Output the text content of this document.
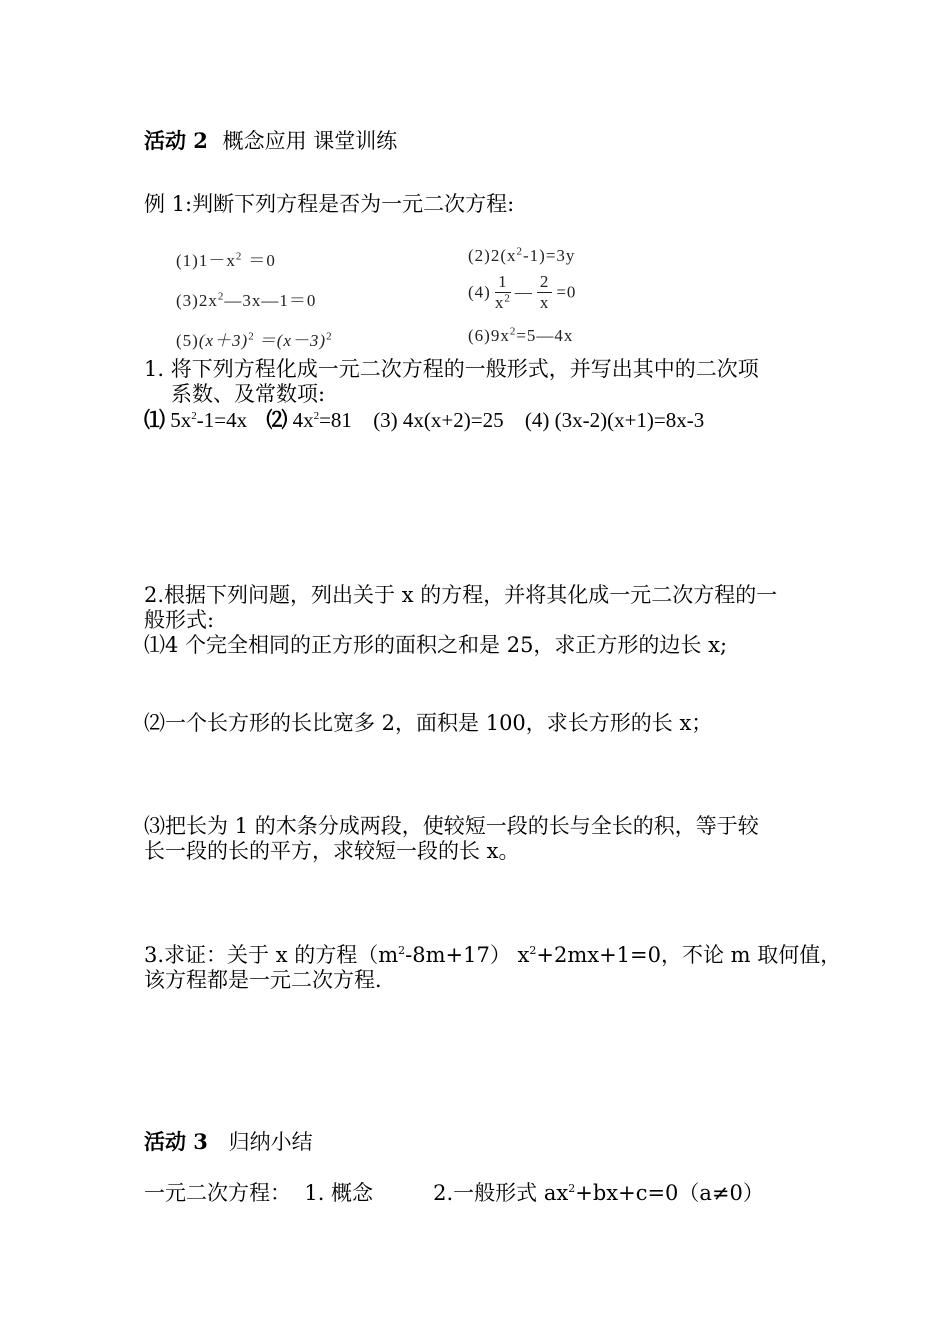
活动 2 概念应用 课堂训练
例 1:判断下列方程是否为一元二次方程:
$(1)1-x^2 =0$	$(2)2(x^2-1)=3y$
$(3)2x^2—3x—1=0$	$(4) \frac{1}{x^2}$ — $\frac{2}{x} =0$
$(5)(x+3)^2 =(x-3)^2$	$(6)9x^2=5—4x$
1. 将下列方程化成一元二次方程的一般形式，并写出其中的二次项
系数、及常数项:
⑴ $5x^2-1=4x$ ⑵ $4x^2=81$ (3) 4x(x+2)=25 (4) (3x-2)(x+1)=8x-3
2.根据下列问题，列出关于 x 的方程，并将其化成一元二次方程的一
般形式:
⑴4 个完全相同的正方形的面积之和是 25，求正方形的边长 x;
⑵一个长方形的长比宽多 2，面积是 100，求长方形的长 x；
⑶把长为 1 的木条分成两段，使较短一段的长与全长的积，等于较
长一段的长的平方，求较短一段的长 x。
3.求证：关于 x 的方程$(m^2-8m+17)$ $x^2+2mx+1=0$，不论 m 取何值，
该方程都是一元二次方程．
活动 3 归纳小结
一元二次方程：  1. 概念         2.一般形式 $ax^2+bx+c=0(a\ne 0)$
